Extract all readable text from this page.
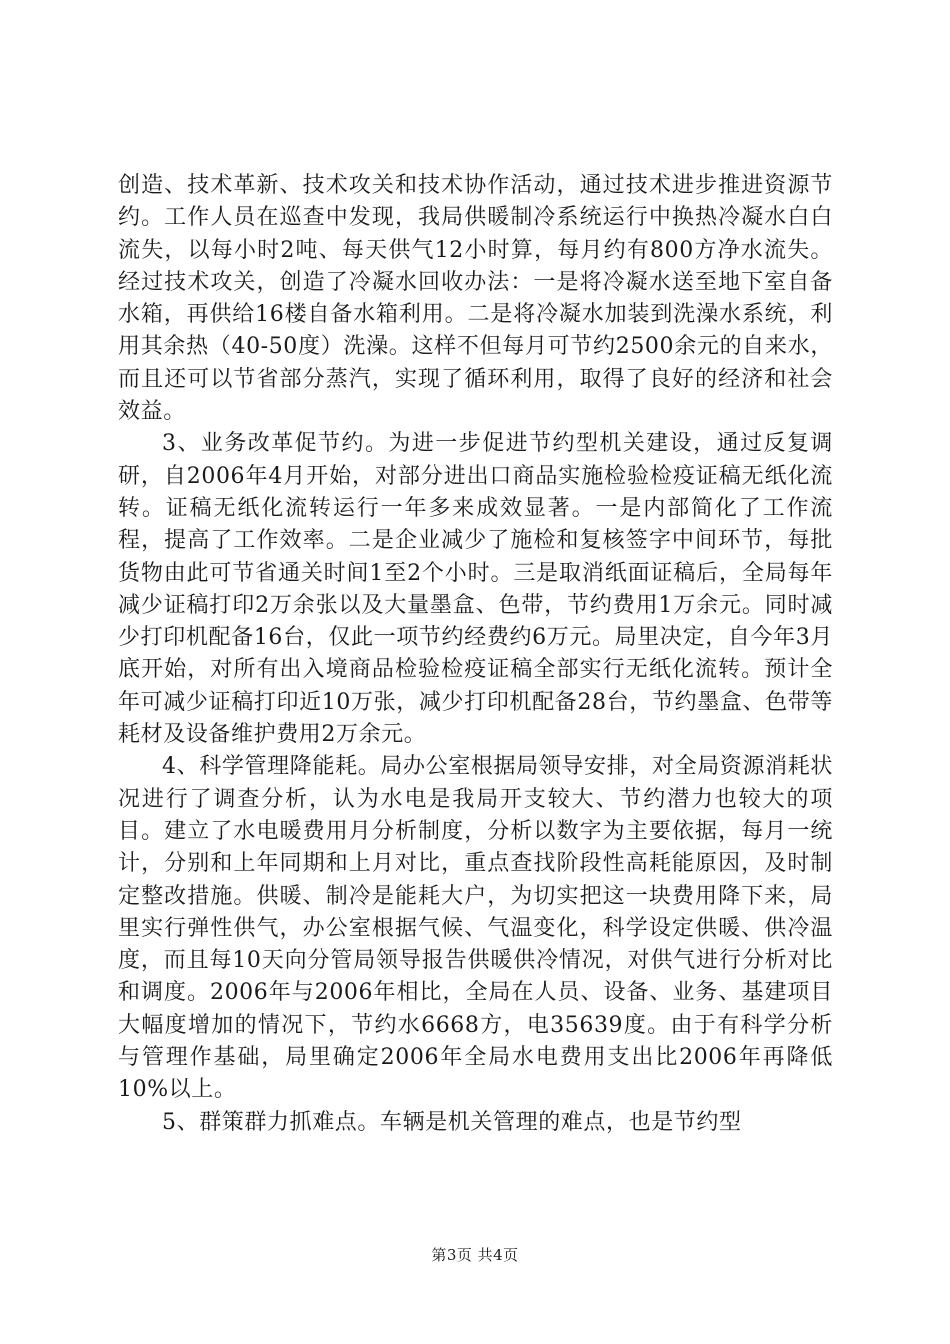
创造、技术革新、技术攻关和技术协作活动，通过技术进步推进资源节约。工作人员在巡查中发现，我局供暖制冷系统运行中换热冷凝水白白流失，以每小时2吨、每天供气12小时算，每月约有800方净水流失。经过技术攻关，创造了冷凝水回收办法：一是将冷凝水送至地下室自备水箱，再供给16楼自备水箱利用。二是将冷凝水加装到洗澡水系统，利用其余热（40-50度）洗澡。这样不但每月可节约2500余元的自来水，而且还可以节省部分蒸汽，实现了循环利用，取得了良好的经济和社会效益。

3、业务改革促节约。为进一步促进节约型机关建设，通过反复调研，自2006年4月开始，对部分进出口商品实施检验检疫证稿无纸化流转。证稿无纸化流转运行一年多来成效显著。一是内部简化了工作流程，提高了工作效率。二是企业减少了施检和复核签字中间环节，每批货物由此可节省通关时间1至2个小时。三是取消纸面证稿后，全局每年减少证稿打印2万余张以及大量墨盒、色带，节约费用1万余元。同时减少打印机配备16台，仅此一项节约经费约6万元。局里决定，自今年3月底开始，对所有出入境商品检验检疫证稿全部实行无纸化流转。预计全年可减少证稿打印近10万张，减少打印机配备28台，节约墨盒、色带等耗材及设备维护费用2万余元。

4、科学管理降能耗。局办公室根据局领导安排，对全局资源消耗状况进行了调查分析，认为水电是我局开支较大、节约潜力也较大的项目。建立了水电暖费用月分析制度，分析以数字为主要依据，每月一统计，分别和上年同期和上月对比，重点查找阶段性高耗能原因，及时制定整改措施。供暖、制冷是能耗大户，为切实把这一块费用降下来，局里实行弹性供气，办公室根据气候、气温变化，科学设定供暖、供冷温度，而且每10天向分管局领导报告供暖供冷情况，对供气进行分析对比和调度。2006年与2006年相比，全局在人员、设备、业务、基建项目大幅度增加的情况下，节约水6668方，电35639度。由于有科学分析与管理作基础，局里确定2006年全局水电费用支出比2006年再降低10%以上。

5、群策群力抓难点。车辆是机关管理的难点，也是节约型

第3页 共4页
